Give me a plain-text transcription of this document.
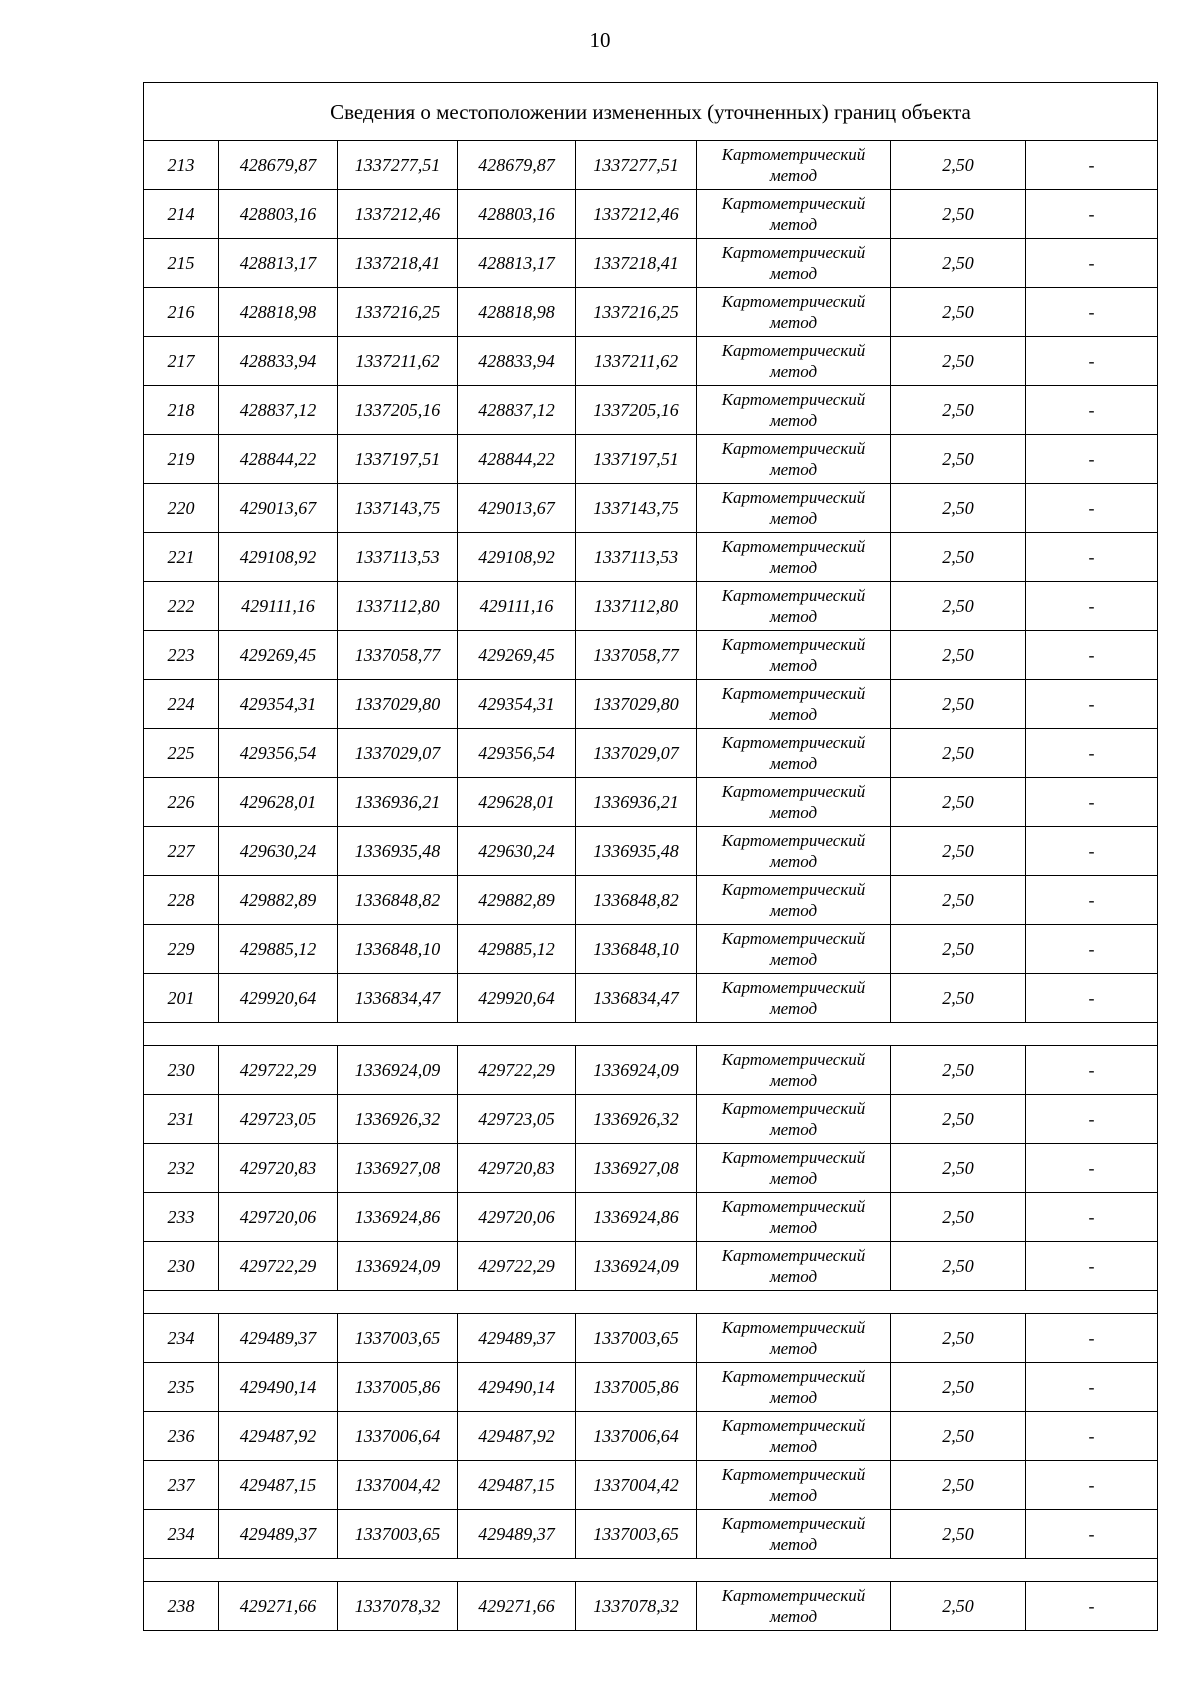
10
Сведения о местоположении измененных (уточненных) границ объекта							
213	428679,87	1337277,51	428679,87	1337277,51	Картометрический
метод	2,50	-
214	428803,16	1337212,46	428803,16	1337212,46	Картометрический
метод	2,50	-
215	428813,17	1337218,41	428813,17	1337218,41	Картометрический
метод	2,50	-
216	428818,98	1337216,25	428818,98	1337216,25	Картометрический
метод	2,50	-
217	428833,94	1337211,62	428833,94	1337211,62	Картометрический
метод	2,50	-
218	428837,12	1337205,16	428837,12	1337205,16	Картометрический
метод	2,50	-
219	428844,22	1337197,51	428844,22	1337197,51	Картометрический
метод	2,50	-
220	429013,67	1337143,75	429013,67	1337143,75	Картометрический
метод	2,50	-
221	429108,92	1337113,53	429108,92	1337113,53	Картометрический
метод	2,50	-
222	429111,16	1337112,80	429111,16	1337112,80	Картометрический
метод	2,50	-
223	429269,45	1337058,77	429269,45	1337058,77	Картометрический
метод	2,50	-
224	429354,31	1337029,80	429354,31	1337029,80	Картометрический
метод	2,50	-
225	429356,54	1337029,07	429356,54	1337029,07	Картометрический
метод	2,50	-
226	429628,01	1336936,21	429628,01	1336936,21	Картометрический
метод	2,50	-
227	429630,24	1336935,48	429630,24	1336935,48	Картометрический
метод	2,50	-
228	429882,89	1336848,82	429882,89	1336848,82	Картометрический
метод	2,50	-
229	429885,12	1336848,10	429885,12	1336848,10	Картометрический
метод	2,50	-
201	429920,64	1336834,47	429920,64	1336834,47	Картометрический
метод	2,50	-

230	429722,29	1336924,09	429722,29	1336924,09	Картометрический
метод	2,50	-
231	429723,05	1336926,32	429723,05	1336926,32	Картометрический
метод	2,50	-
232	429720,83	1336927,08	429720,83	1336927,08	Картометрический
метод	2,50	-
233	429720,06	1336924,86	429720,06	1336924,86	Картометрический
метод	2,50	-
230	429722,29	1336924,09	429722,29	1336924,09	Картометрический
метод	2,50	-

234	429489,37	1337003,65	429489,37	1337003,65	Картометрический
метод	2,50	-
235	429490,14	1337005,86	429490,14	1337005,86	Картометрический
метод	2,50	-
236	429487,92	1337006,64	429487,92	1337006,64	Картометрический
метод	2,50	-
237	429487,15	1337004,42	429487,15	1337004,42	Картометрический
метод	2,50	-
234	429489,37	1337003,65	429489,37	1337003,65	Картометрический
метод	2,50	-

238	429271,66	1337078,32	429271,66	1337078,32	Картометрический
метод	2,50	-
